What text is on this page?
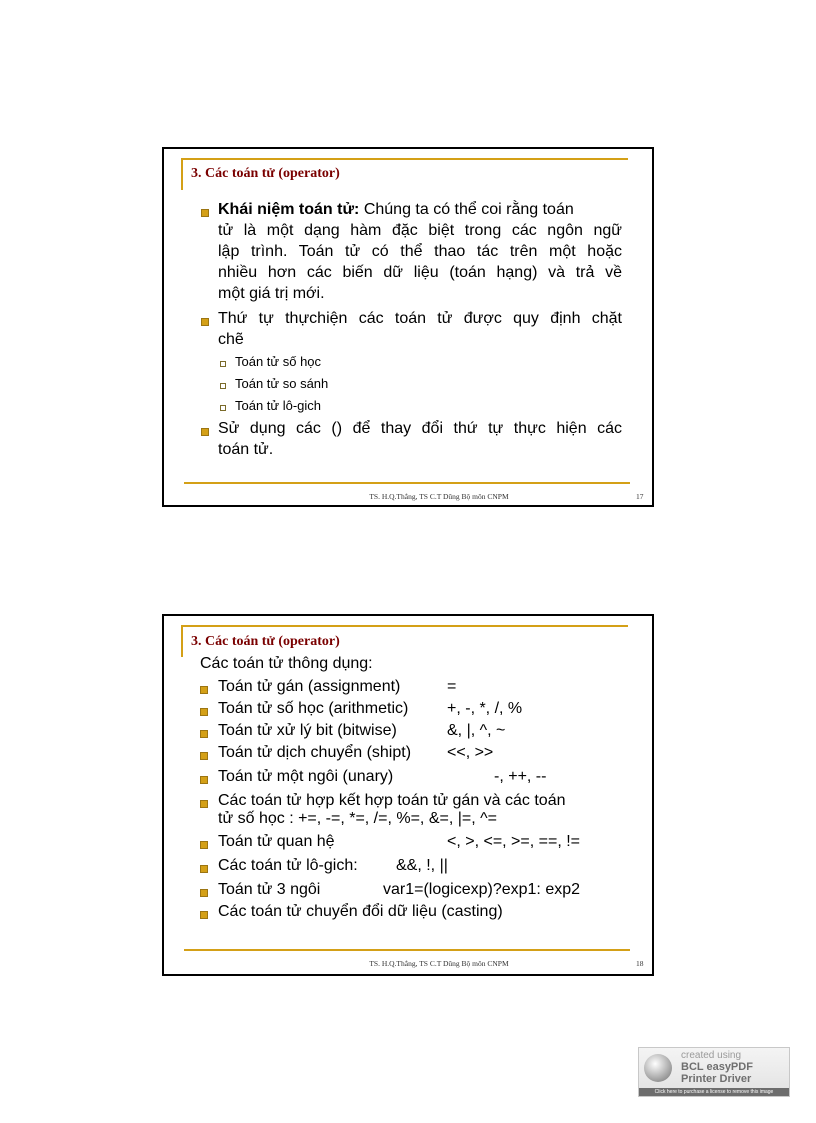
3. Các toán tử (operator)
Khái niệm toán tử: Chúng ta có thể coi rằng toán
tử là một dạng hàm đặc biệt trong các ngôn ngữ
lập trình. Toán tử có thể thao tác trên một hoặc
nhiều hơn các biến dữ liệu (toán hạng) và trả về
một giá trị mới.
Thứ tự thựchiện các toán tử được quy định chặt
chẽ
Toán tử số học
Toán tử so sánh
Toán tử lô-gich
Sử dụng các () để thay đổi thứ tự thực hiện các
toán tử.
TS. H.Q.Thắng, TS C.T Dũng Bộ môn CNPM	17
3. Các toán tử (operator)
Các toán tử thông dụng:
Toán tử gán (assignment)	=
Toán tử số học (arithmetic) +, -, *, /, %
Toán tử xử lý bit (bitwise)	&, |, ^, ~
Toán tử dịch chuyển (shipt) <<, >>
Toán tử một ngôi (unary)	-, ++, --
Các toán tử hợp kết hợp toán tử gán và các toán
tử số học : +=, -=, *=, /=, %=, &=, |=, ^=
Toán tử quan hệ	<, >, <=, >=, ==, !=
Các toán tử lô-gich: &&, !, ||
Toán tử 3 ngôi	var1=(logicexp)?exp1: exp2
Các toán tử chuyển đổi dữ liệu (casting)
TS. H.Q.Thắng, TS C.T Dũng Bộ môn CNPM	18
created using
BCL easyPDF
Printer Driver
Click here to purchase a license to remove this image
